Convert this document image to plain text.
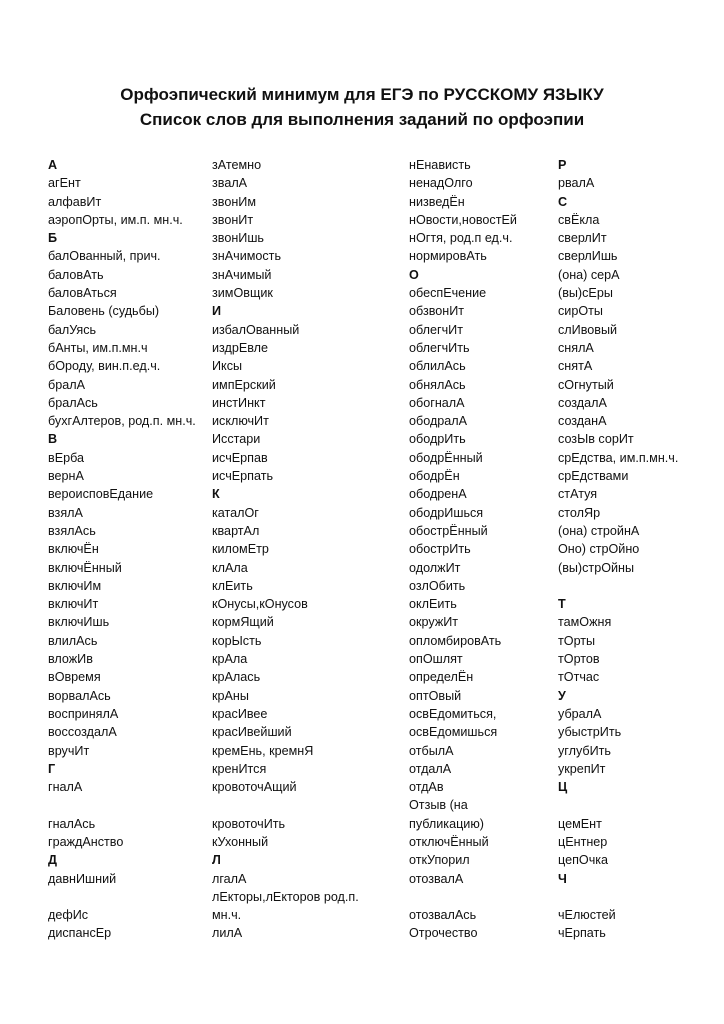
Орфоэпический минимум для ЕГЭ по РУССКОМУ ЯЗЫКУ
Список слов для выполнения заданий по орфоэпии
А
агЕнт
алфавИт
аэропОрты, им.п. мн.ч.
Б
балОванный, прич.
баловАть
баловАться
Баловень (судьбы)
балУясь
бАнты, им.п.мн.ч
бОроду, вин.п.ед.ч.
бралА
бралАсь
бухгАлтеров, род.п. мн.ч.
В
вЕрба
вернА
вероисповЕдание
взялА
взялАсь
включЁн
включЁнный
включИм
включИт
включИшь
влилАсь
вложИв
вОвремя
ворвалАсь
воспринялА
воссоздалА
вручИт
Г
гналА
гналАсь
граждАнство
Д
давнИшний
дефИс
диспансЕр
зАтемно
звалА
звонИм
звонИт
звонИшь
знАчимость
знАчимый
зимОвщик
И
избалОванный
издрЕвле
Иксы
импЕрский
инстИнкт
исключИт
Исстари
исчЕрпав
исчЕрпать
К
каталОг
квартАл
киломЕтр
клАла
клЕить
кОнусы,кОнусов
кормЯщий
корЫсть
крАла
крАлась
крАны
красИвее
красИвейший
кремЕнь, кремнЯ
кренИтся
кровоточАщий
кровоточИть
кУхонный
Л
лгалА
лЕкторы,лЕкторов род.п.
мн.ч.
лилА
нЕнависть
ненадОлго
низведЁн
нОвости,новостЕй
нОгтя, род.п ед.ч.
нормировАть
О
обеспЕчение
обзвонИт
облегчИт
облегчИть
облилАсь
обнялАсь
обогналА
ободралА
ободрИть
ободрЁнный
ободрЁн
ободренА
ободрИшься
обострЁнный
обострИть
одолжИт
озлОбить
оклЕить
окружИт
опломбировАть
опОшлят
определЁн
оптОвый
освЕдомиться,
освЕдомишься
отбылА
отдалА
отдАв
Отзыв (на
публикацию)
отключЁнный
откУпорил
отозвалА
отозвалАсь
Отрочество
Р
рвалА
С
свЁкла
сверлИт
сверлИшь
(она) серА
(вы)сЕры
сирОты
слИвовый
снялА
снятА
сОгнутый
создалА
созданА
созЫв сорИт
срЕдства, им.п.мн.ч.
срЕдствами
стАтуя
столЯр
(она) стройнА
Оно) стрОйно
(вы)стрОйны
Т
тамОжня
тОрты
тОртов
тОтчас
У
убралА
убыстрИть
углубИть
укрепИт
Ц
цемЕнт
цЕнтнер
цепОчка
Ч
чЕлюстей
чЕрпать
